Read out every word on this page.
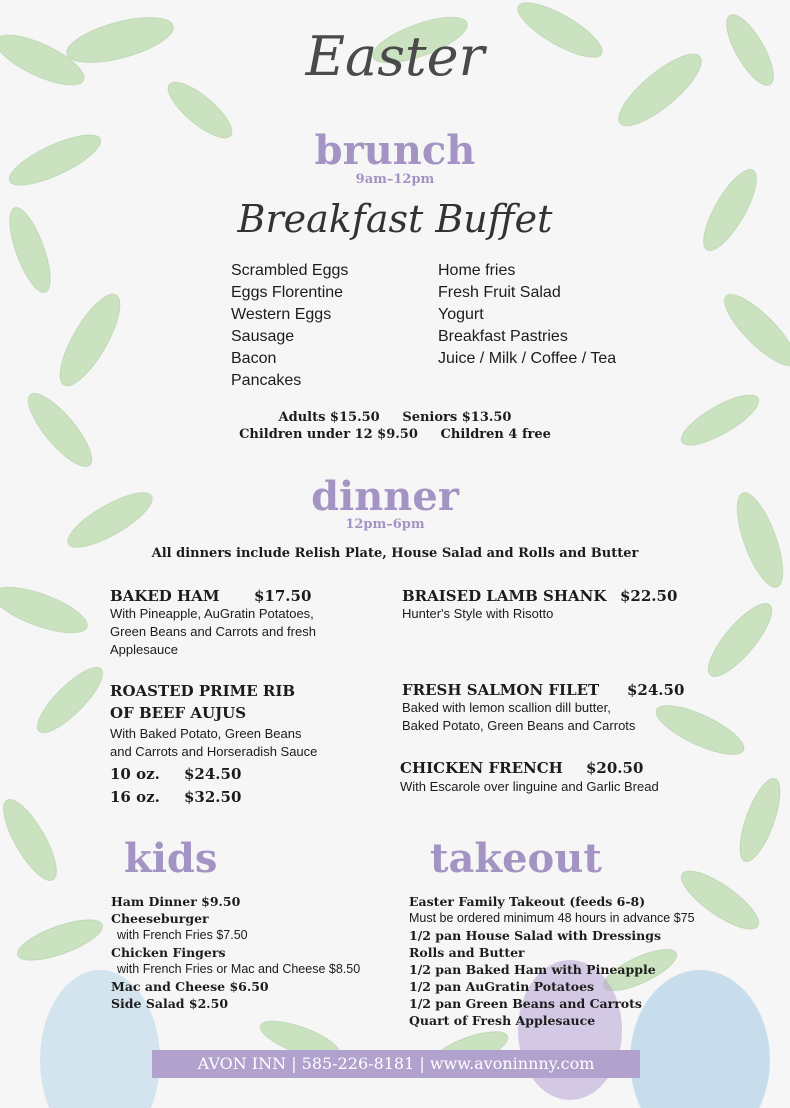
Easter
brunch
9am–12pm
Breakfast Buffet
Scrambled Eggs
Eggs Florentine
Western Eggs
Sausage
Bacon
Pancakes
Home fries
Fresh Fruit Salad
Yogurt
Breakfast Pastries
Juice / Milk / Coffee / Tea
Adults $15.50     Seniors $13.50
Children under 12 $9.50     Children 4 free
dinner
12pm–6pm
All dinners include Relish Plate, House Salad and Rolls and Butter
BAKED HAM $17.50
With Pineapple, AuGratin Potatoes,
Green Beans and Carrots and fresh
Applesauce
BRAISED LAMB SHANK $22.50
Hunter's Style with Risotto
ROASTED PRIME RIB
OF BEEF AUJUS
With Baked Potato, Green Beans
and Carrots and Horseradish Sauce
10 oz. $24.50
16 oz. $32.50
FRESH SALMON FILET $24.50
Baked with lemon scallion dill butter,
Baked Potato, Green Beans and Carrots
CHICKEN FRENCH $20.50
With Escarole over linguine and Garlic Bread
kids
Ham Dinner $9.50
Cheeseburger
with French Fries $7.50
Chicken Fingers
with French Fries or Mac and Cheese $8.50
Mac and Cheese $6.50
Side Salad $2.50
takeout
Easter Family Takeout (feeds 6-8)
Must be ordered minimum 48 hours in advance $75
1/2 pan House Salad with Dressings
Rolls and Butter
1/2 pan Baked Ham with Pineapple
1/2 pan AuGratin Potatoes
1/2 pan Green Beans and Carrots
Quart of Fresh Applesauce
AVON INN | 585-226-8181 | www.avoninnny.com
